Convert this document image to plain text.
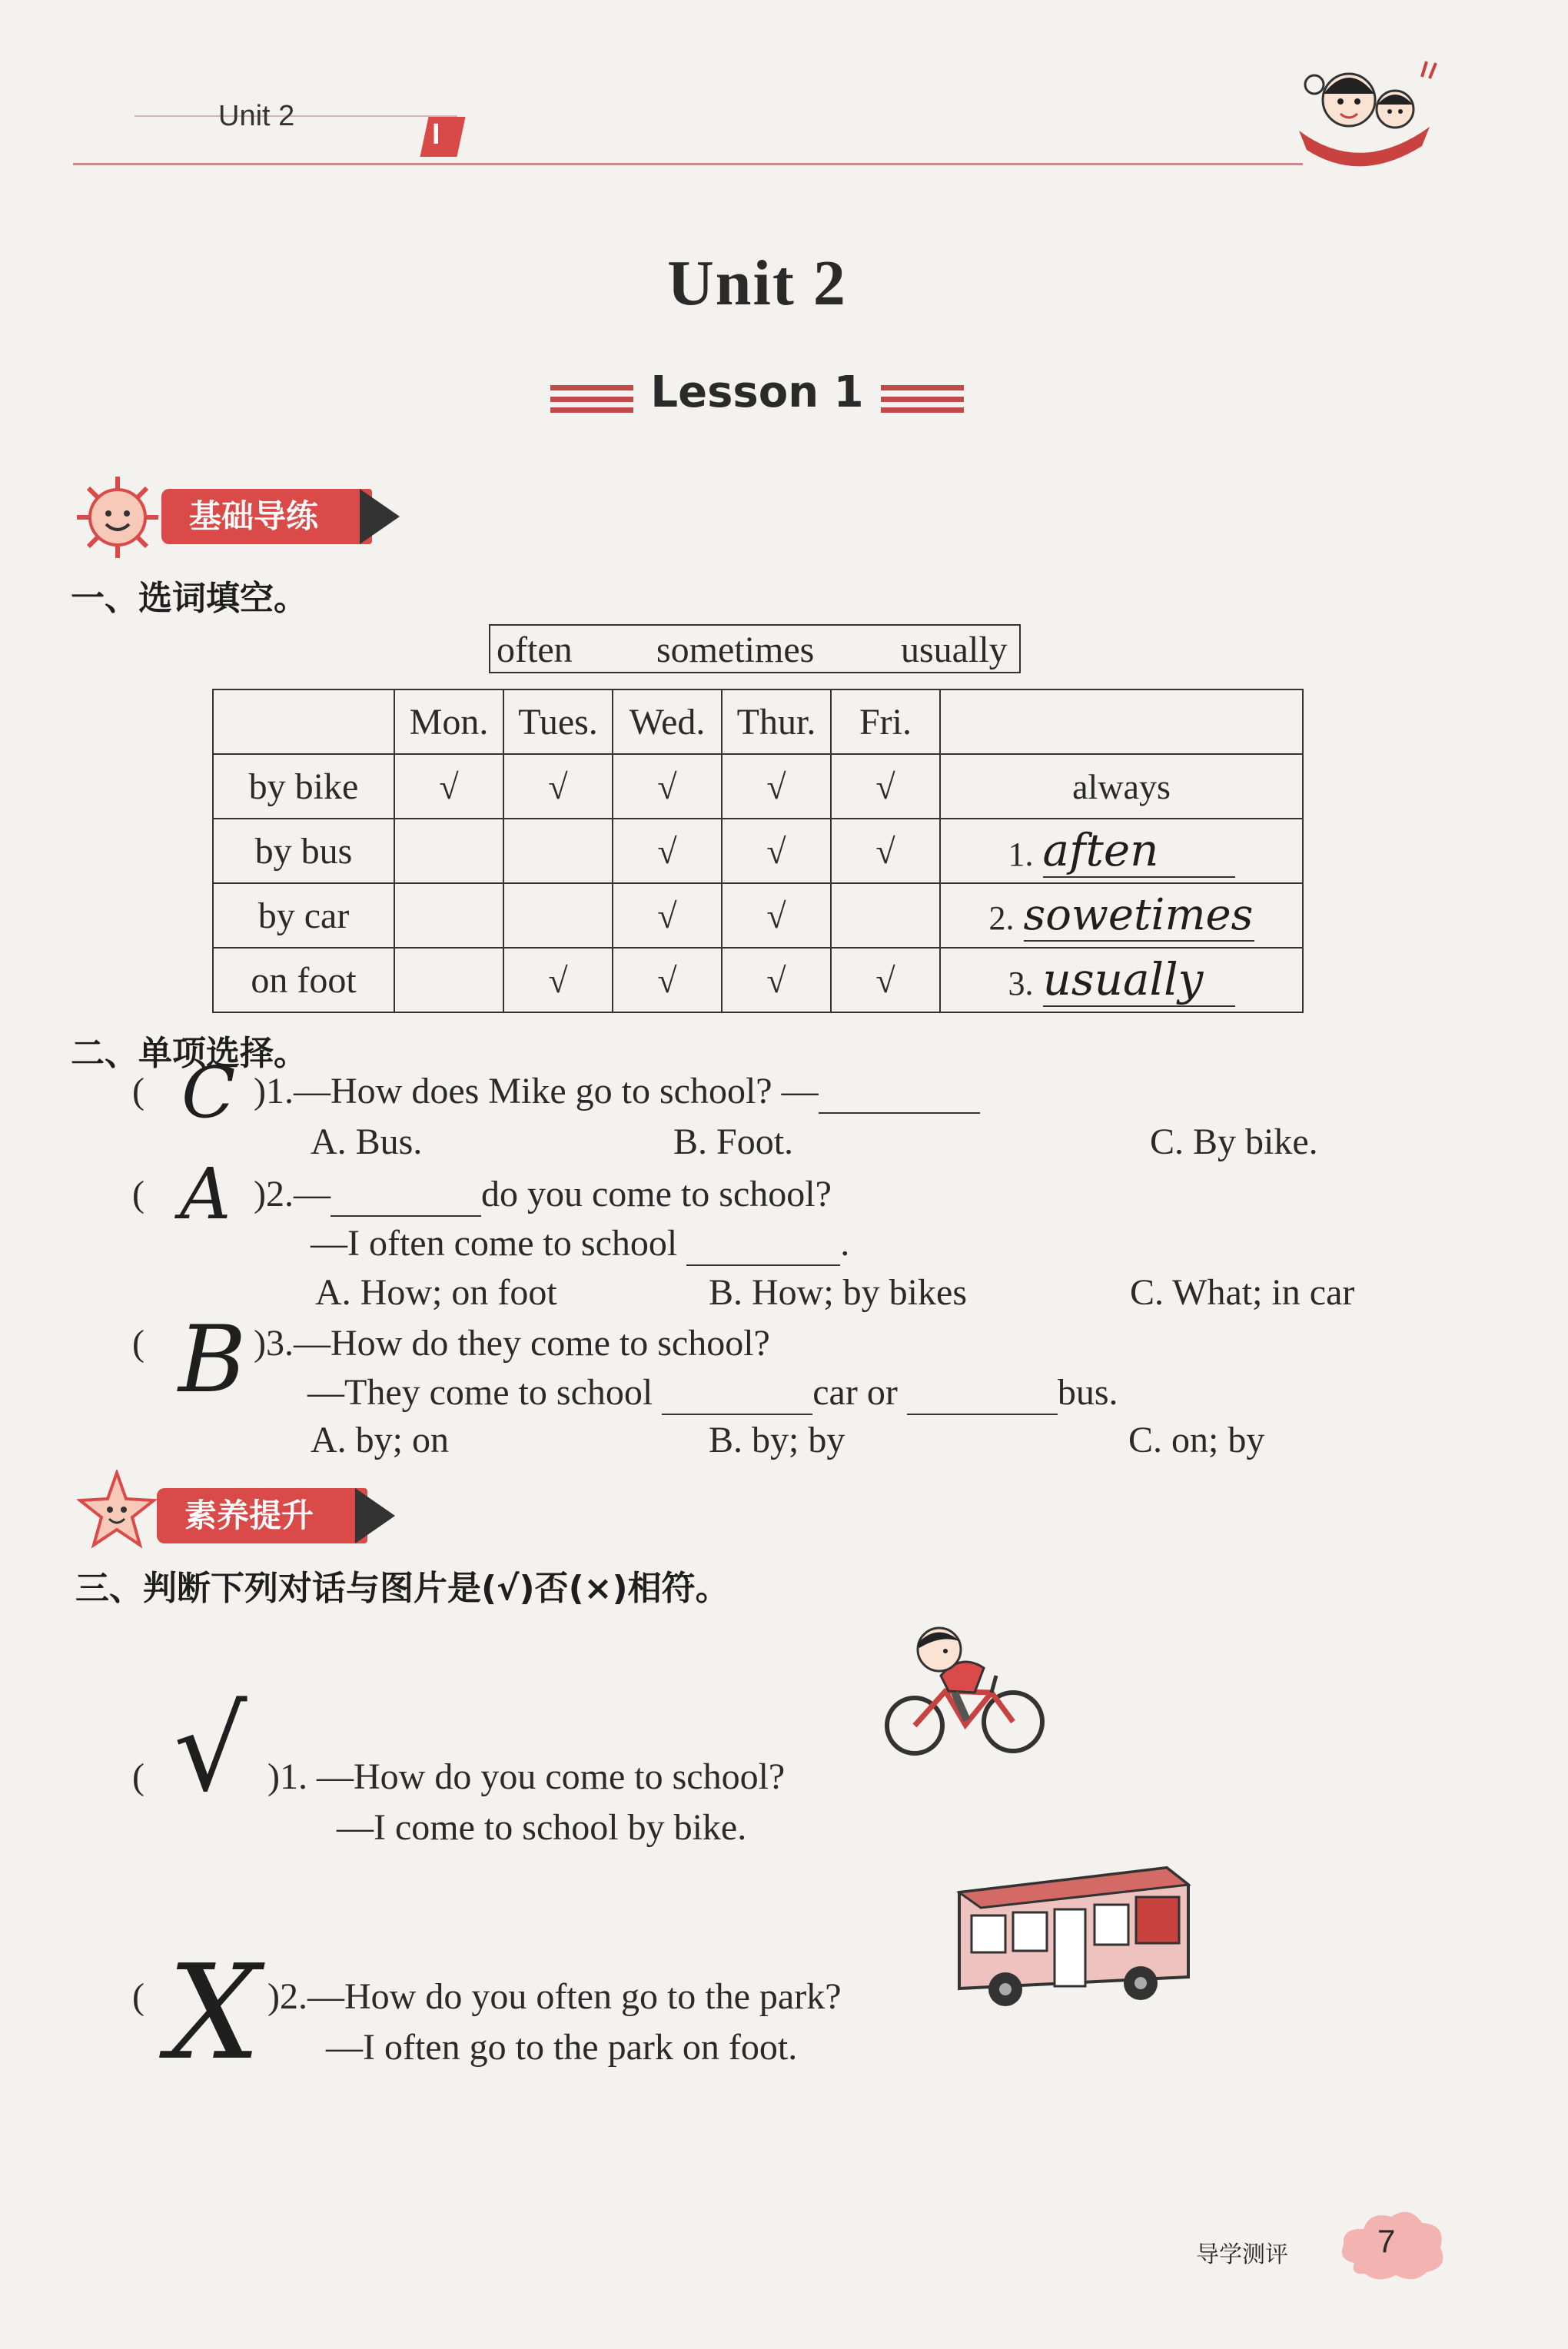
Unit 2
I
Unit 2
Lesson 1
基础导练
一、选词填空。
often sometimes usually
	Mon.	Tues.	Wed.	Thur.	Fri.	
by bike	√	√	√	√	√	always
by bus			√	√	√	1. aften
by car			√	√		2. sowetimes
on foot		√	√	√	√	3. usually
二、单项选择。
( C )1.—How does Mike go to school? —
A. Bus.	B. Foot.	C. By bike.
( A )2.—	do you come to school?
—I often come to school	.
A. How; on foot	B. How; by bikes	C. What; in car
( B )3.—How do they come to school?
—They come to school	car or	bus.
A. by; on	B. by; by	C. on; by
素养提升
三、判断下列对话与图片是(√)否(×)相符。
( √ )1. —How do you come to school?
—I come to school by bike.
( X )2.—How do you often go to the park?
—I often go to the park on foot.
导学测评	7
